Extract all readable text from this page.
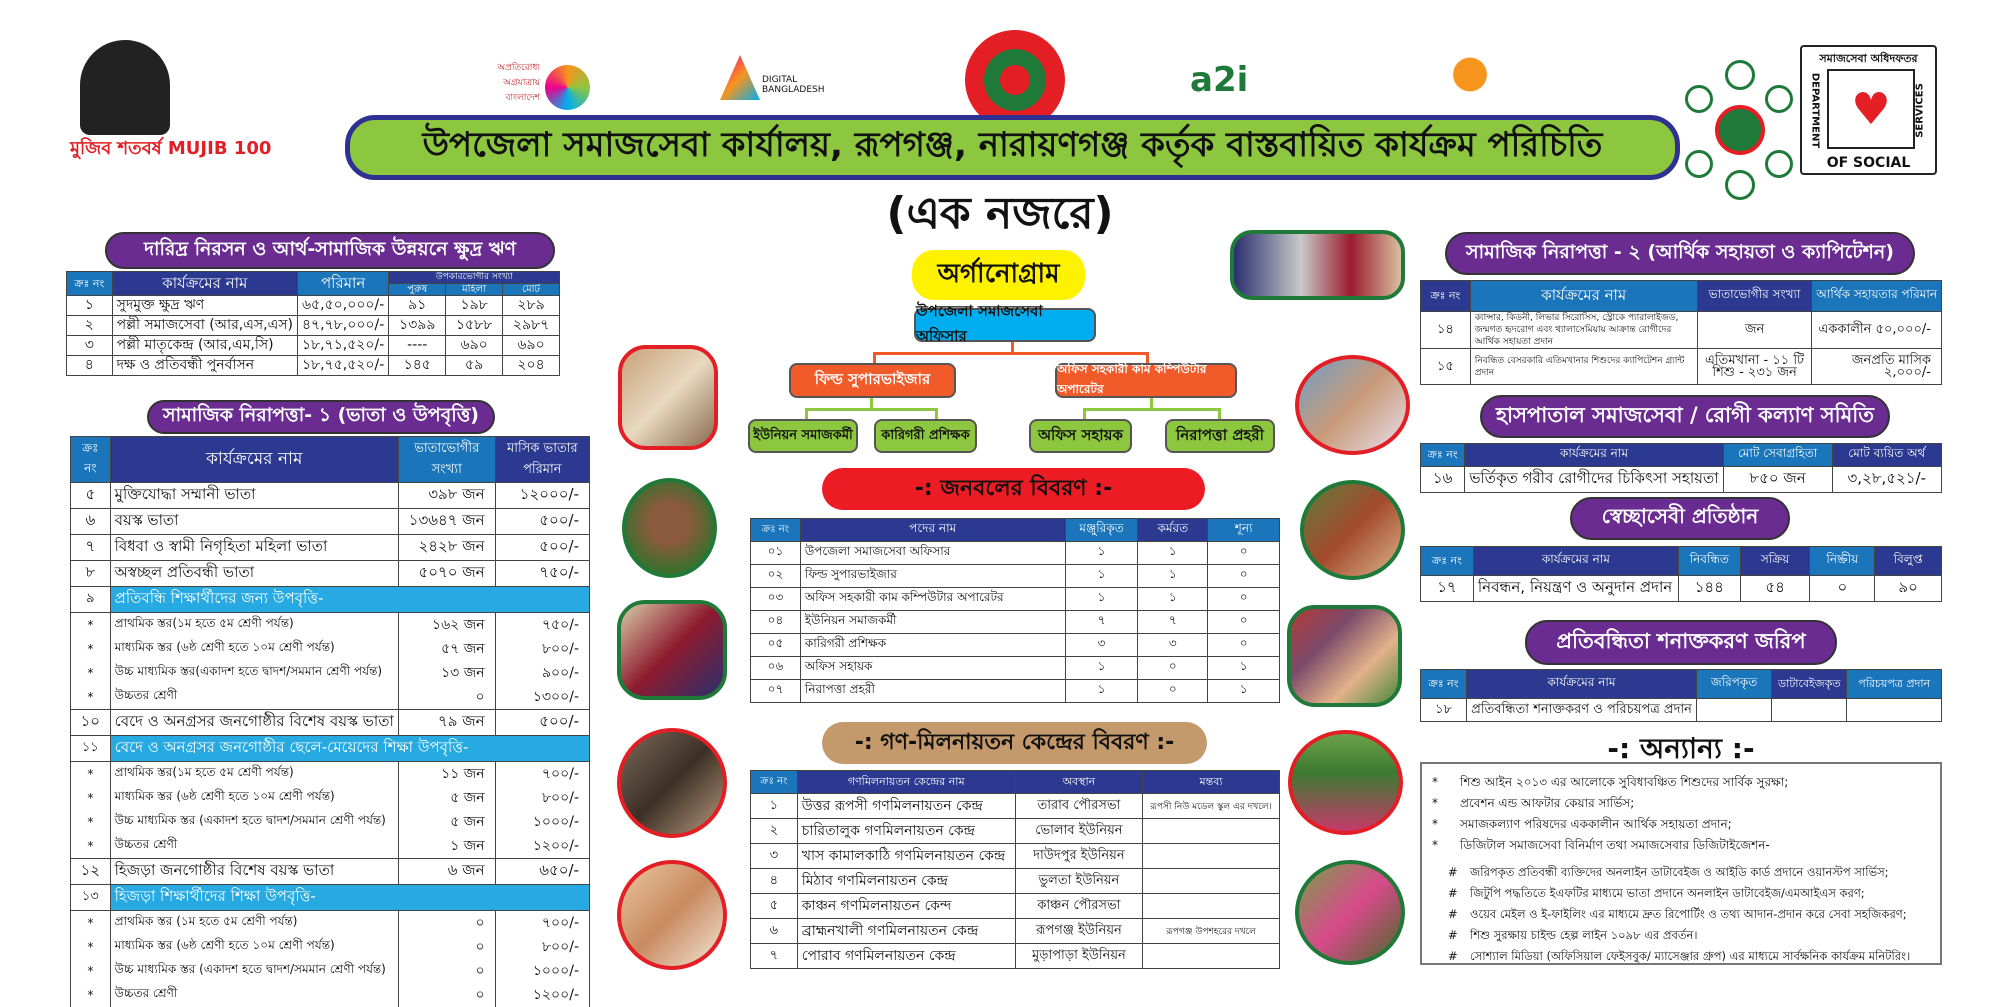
মুজিব শতবর্ষ MUJIB 100
অপ্রতিরোধ্য অগ্রযাত্রায় বাংলাদেশ
DIGITAL BANGLADESH	a2i
উপজেলা সমাজসেবা কার্যালয়, রূপগঞ্জ, নারায়ণগঞ্জ কর্তৃক বাস্তবায়িত কার্যক্রম পরিচিতি
(এক নজরে)
সমাজসেবা অধিদফতর
DEPARTMENT	SERVICES
♥
OF SOCIAL
দারিদ্র নিরসন ও আর্থ-সামাজিক উন্নয়নে ক্ষুদ্র ঋণ
ক্রঃ নং	কার্যক্রমের নাম	পরিমান	উপকারভোগীর সংখ্যা		
			পুরুষ	মহিলা	মোট
১	সুদমুক্ত ক্ষুদ্র ঋণ	৬৫,৫০,০০০/-	৯১	১৯৮	২৮৯
২	পল্লী সমাজসেবা (আর,এস,এস)	৪৭,৭৮,০০০/-	১৩৯৯	১৫৮৮	২৯৮৭
৩	পল্লী মাতৃকেন্দ্র (আর,এম,সি)	১৮,৭১,৫২০/-	----	৬৯০	৬৯০
৪	দক্ষ ও প্রতিবন্ধী পুনর্বাসন	১৮,৭৫,৫২০/-	১৪৫	৫৯	২০৪
সামাজিক নিরাপত্তা- ১ (ভাতা ও উপবৃত্তি)
ক্রঃ নং	কার্যক্রমের নাম	ভাতাভোগীর সংখ্যা	মাসিক ভাতার পরিমান
৫	মুক্তিযোদ্ধা সম্মানী ভাতা	৩৯৮ জন	১২০০০/-
৬	বয়স্ক ভাতা	১৩৬৪৭ জন	৫০০/-
৭	বিধবা ও স্বামী নিগৃহিতা মহিলা ভাতা	২৪২৮ জন	৫০০/-
৮	অস্বচ্ছল প্রতিবন্ধী ভাতা	৫০৭০ জন	৭৫০/-
৯	প্রতিবন্ধি শিক্ষার্থীদের জন্য উপবৃত্তি-		
*	প্রাথমিক স্তর(১ম হতে ৫ম শ্রেণী পর্যন্ত)	১৬২ জন	৭৫০/-
*	মাধ্যমিক স্তর (৬ষ্ঠ শ্রেণী হতে ১০ম শ্রেণী পর্যন্ত)	৫৭ জন	৮০০/-
*	উচ্চ মাধ্যমিক স্তর(একাদশ হতে দ্বাদশ/সমমান শ্রেণী পর্যন্ত)	১৩ জন	৯০০/-
*	উচ্চতর শ্রেণী	০	১৩০০/-
১০	বেদে ও অনগ্রসর জনগোষ্ঠীর বিশেষ বয়স্ক ভাতা	৭৯ জন	৫০০/-
১১	বেদে ও অনগ্রসর জনগোষ্ঠীর ছেলে-মেয়েদের শিক্ষা উপবৃত্তি-		
*	প্রাথমিক স্তর(১ম হতে ৫ম শ্রেণী পর্যন্ত)	১১ জন	৭০০/-
*	মাধ্যমিক স্তর (৬ষ্ঠ শ্রেণী হতে ১০ম শ্রেণী পর্যন্ত)	৫ জন	৮০০/-
*	উচ্চ মাধ্যমিক স্তর (একাদশ হতে দ্বাদশ/সমমান শ্রেণী পর্যন্ত)	৫ জন	১০০০/-
*	উচ্চতর শ্রেণী	১ জন	১২০০/-
১২	হিজড়া জনগোষ্ঠীর বিশেষ বয়স্ক ভাতা	৬ জন	৬৫০/-
১৩	হিজড়া শিক্ষার্থীদের শিক্ষা উপবৃত্তি-		
*	প্রাথমিক স্তর (১ম হতে ৫ম শ্রেণী পর্যন্ত)	০	৭০০/-
*	মাধ্যমিক স্তর (৬ষ্ঠ শ্রেণী হতে ১০ম শ্রেণী পর্যন্ত)	০	৮০০/-
*	উচ্চ মাধ্যমিক স্তর (একাদশ হতে দ্বাদশ/সমমান শ্রেণী পর্যন্ত)	০	১০০০/-
*	উচ্চতর শ্রেণী	০	১২০০/-
অর্গানোগ্রাম
উপজেলা সমাজসেবা অফিসার
ফিল্ড সুপারভাইজার
অফিস সহকারী কাম কম্পিউটার অপারেটর
ইউনিয়ন সমাজকর্মী	কারিগরী প্রশিক্ষক	অফিস সহায়ক	নিরাপত্তা প্রহরী
-: জনবলের বিবরণ :-
ক্রঃ নং	পদের নাম	মঞ্জুরিকৃত	কর্মরত	শূন্য
০১	উপজেলা সমাজসেবা অফিসার	১	১	০
০২	ফিল্ড সুপারভাইজার	১	১	০
০৩	অফিস সহকারী কাম কম্পিউটার অপারেটর	১	১	০
০৪	ইউনিয়ন সমাজকর্মী	৭	৭	০
০৫	কারিগরী প্রশিক্ষক	৩	৩	০
০৬	অফিস সহায়ক	১	০	১
০৭	নিরাপত্তা প্রহরী	১	০	১
-: গণ-মিলনায়তন কেন্দ্রের বিবরণ :-
ক্রঃ নং	গণমিলনায়তন কেন্দ্রের নাম	অবস্থান	মন্তব্য
১	উত্তর রূপসী গণমিলনায়তন কেন্দ্র	তারাব পৌরসভা	রূপসী নিউ মডেল স্কুল এর দখলে।
২	চারিতালুক গণমিলনায়তন কেন্দ্র	ভোলাব ইউনিয়ন	
৩	খাস কামালকাঠি গণমিলনায়তন কেন্দ্র	দাউদপুর ইউনিয়ন	
৪	মিঠাব গণমিলনায়তন কেন্দ্র	ভুলতা ইউনিয়ন	
৫	কাঞ্চন গণমিলনায়তন কেন্দ	কাঞ্চন পৌরসভা	
৬	ব্রাহ্মনখালী গণমিলনায়তন কেন্দ্র	রূপগঞ্জ ইউনিয়ন	রূপগঞ্জ উপশহরের দখলে
৭	পোরাব গণমিলনায়তন কেন্দ্র	মুড়াপাড়া ইউনিয়ন	
সামাজিক নিরাপত্তা - ২ (আর্থিক সহায়তা ও ক্যাপিটেশন)
ক্রঃ নং	কার্যক্রমের নাম	ভাতাভোগীর সংখ্যা	আর্থিক সহায়তার পরিমান
১৪	ক্যান্সার, কিডনী, লিভার সিরোসিস, স্ট্রোকে প্যারালাইজড, জন্মগত হৃদরোগ এবং থ্যালাসেমিয়ায় আক্রান্ত রোগীদের আর্থিক সহায়তা প্রদান	জন	এককালীন ৫০,০০০/-
১৫	নিবন্ধিত বেসরকারি এতিমখানার শিশুদের ক্যাপিটেশন গ্র্যান্ট প্রদান	এতিমখানা - ১১ টি শিশু - ২৩১ জন	জনপ্রতি মাসিক ২,০০০/-
হাসপাতাল সমাজসেবা / রোগী কল্যাণ সমিতি
ক্রঃ নং	কার্যক্রমের নাম	মোট সেবাগ্রহিতা	মোট ব্যয়িত অর্থ
১৬	ভর্তিকৃত গরীব রোগীদের চিকিৎসা সহায়তা	৮৫০ জন	৩,২৮,৫২১/-
স্বেচ্ছাসেবী প্রতিষ্ঠান
ক্রঃ নং	কার্যক্রমের নাম	নিবন্ধিত	সক্রিয়	নিষ্ক্রীয়	বিলুপ্ত
১৭	নিবন্ধন, নিয়ন্ত্রণ ও অনুদান প্রদান	১৪৪	৫৪	০	৯০
প্রতিবন্ধিতা শনাক্তকরণ জরিপ
ক্রঃ নং	কার্যক্রমের নাম	জরিপকৃত	ডাটাবেইজকৃত	পরিচয়পত্র প্রদান
১৮	প্রতিবন্ধিতা শনাক্তকরণ ও পরিচয়পত্র প্রদান			
-: অন্যান্য :-
* শিশু আইন ২০১৩ এর আলোকে সুবিধাবঞ্চিত শিশুদের সার্বিক সুরক্ষা;
* প্রবেশন এন্ড আফটার কেয়ার সার্ভিস;
* সমাজকল্যাণ পরিষদের এককালীন আর্থিক সহায়তা প্রদান;
* ডিজিটাল সমাজসেবা বিনির্মাণ তথা সমাজসেবার ডিজিটাইজেশন-
# জরিপকৃত প্রতিবন্ধী ব্যক্তিদের অনলাইন ডাটাবেইজ ও আইডি কার্ড প্রদানে ওয়ানস্টপ সার্ভিস;
# জিটুপি পদ্ধতিতে ইএফটির মাধ্যমে ভাতা প্রদানে অনলাইন ডাটাবেইজ/এমআইএস করণ;
# ওয়েব মেইল ও ই-ফাইলিং এর মাধ্যমে দ্রুত রিপোর্টিং ও তথ্য আদান-প্রদান করে সেবা সহজিকরণ;
# শিশু সুরক্ষায় চাইল্ড হেল্প লাইন ১০৯৮ এর প্রবর্তন।
# সোশ্যাল মিডিয়া (অফিসিয়াল ফেইসবুক/ ম্যাসেঞ্জার গ্রুপ) এর মাধ্যমে সার্বক্ষনিক কার্যক্রম মনিটরিং।
